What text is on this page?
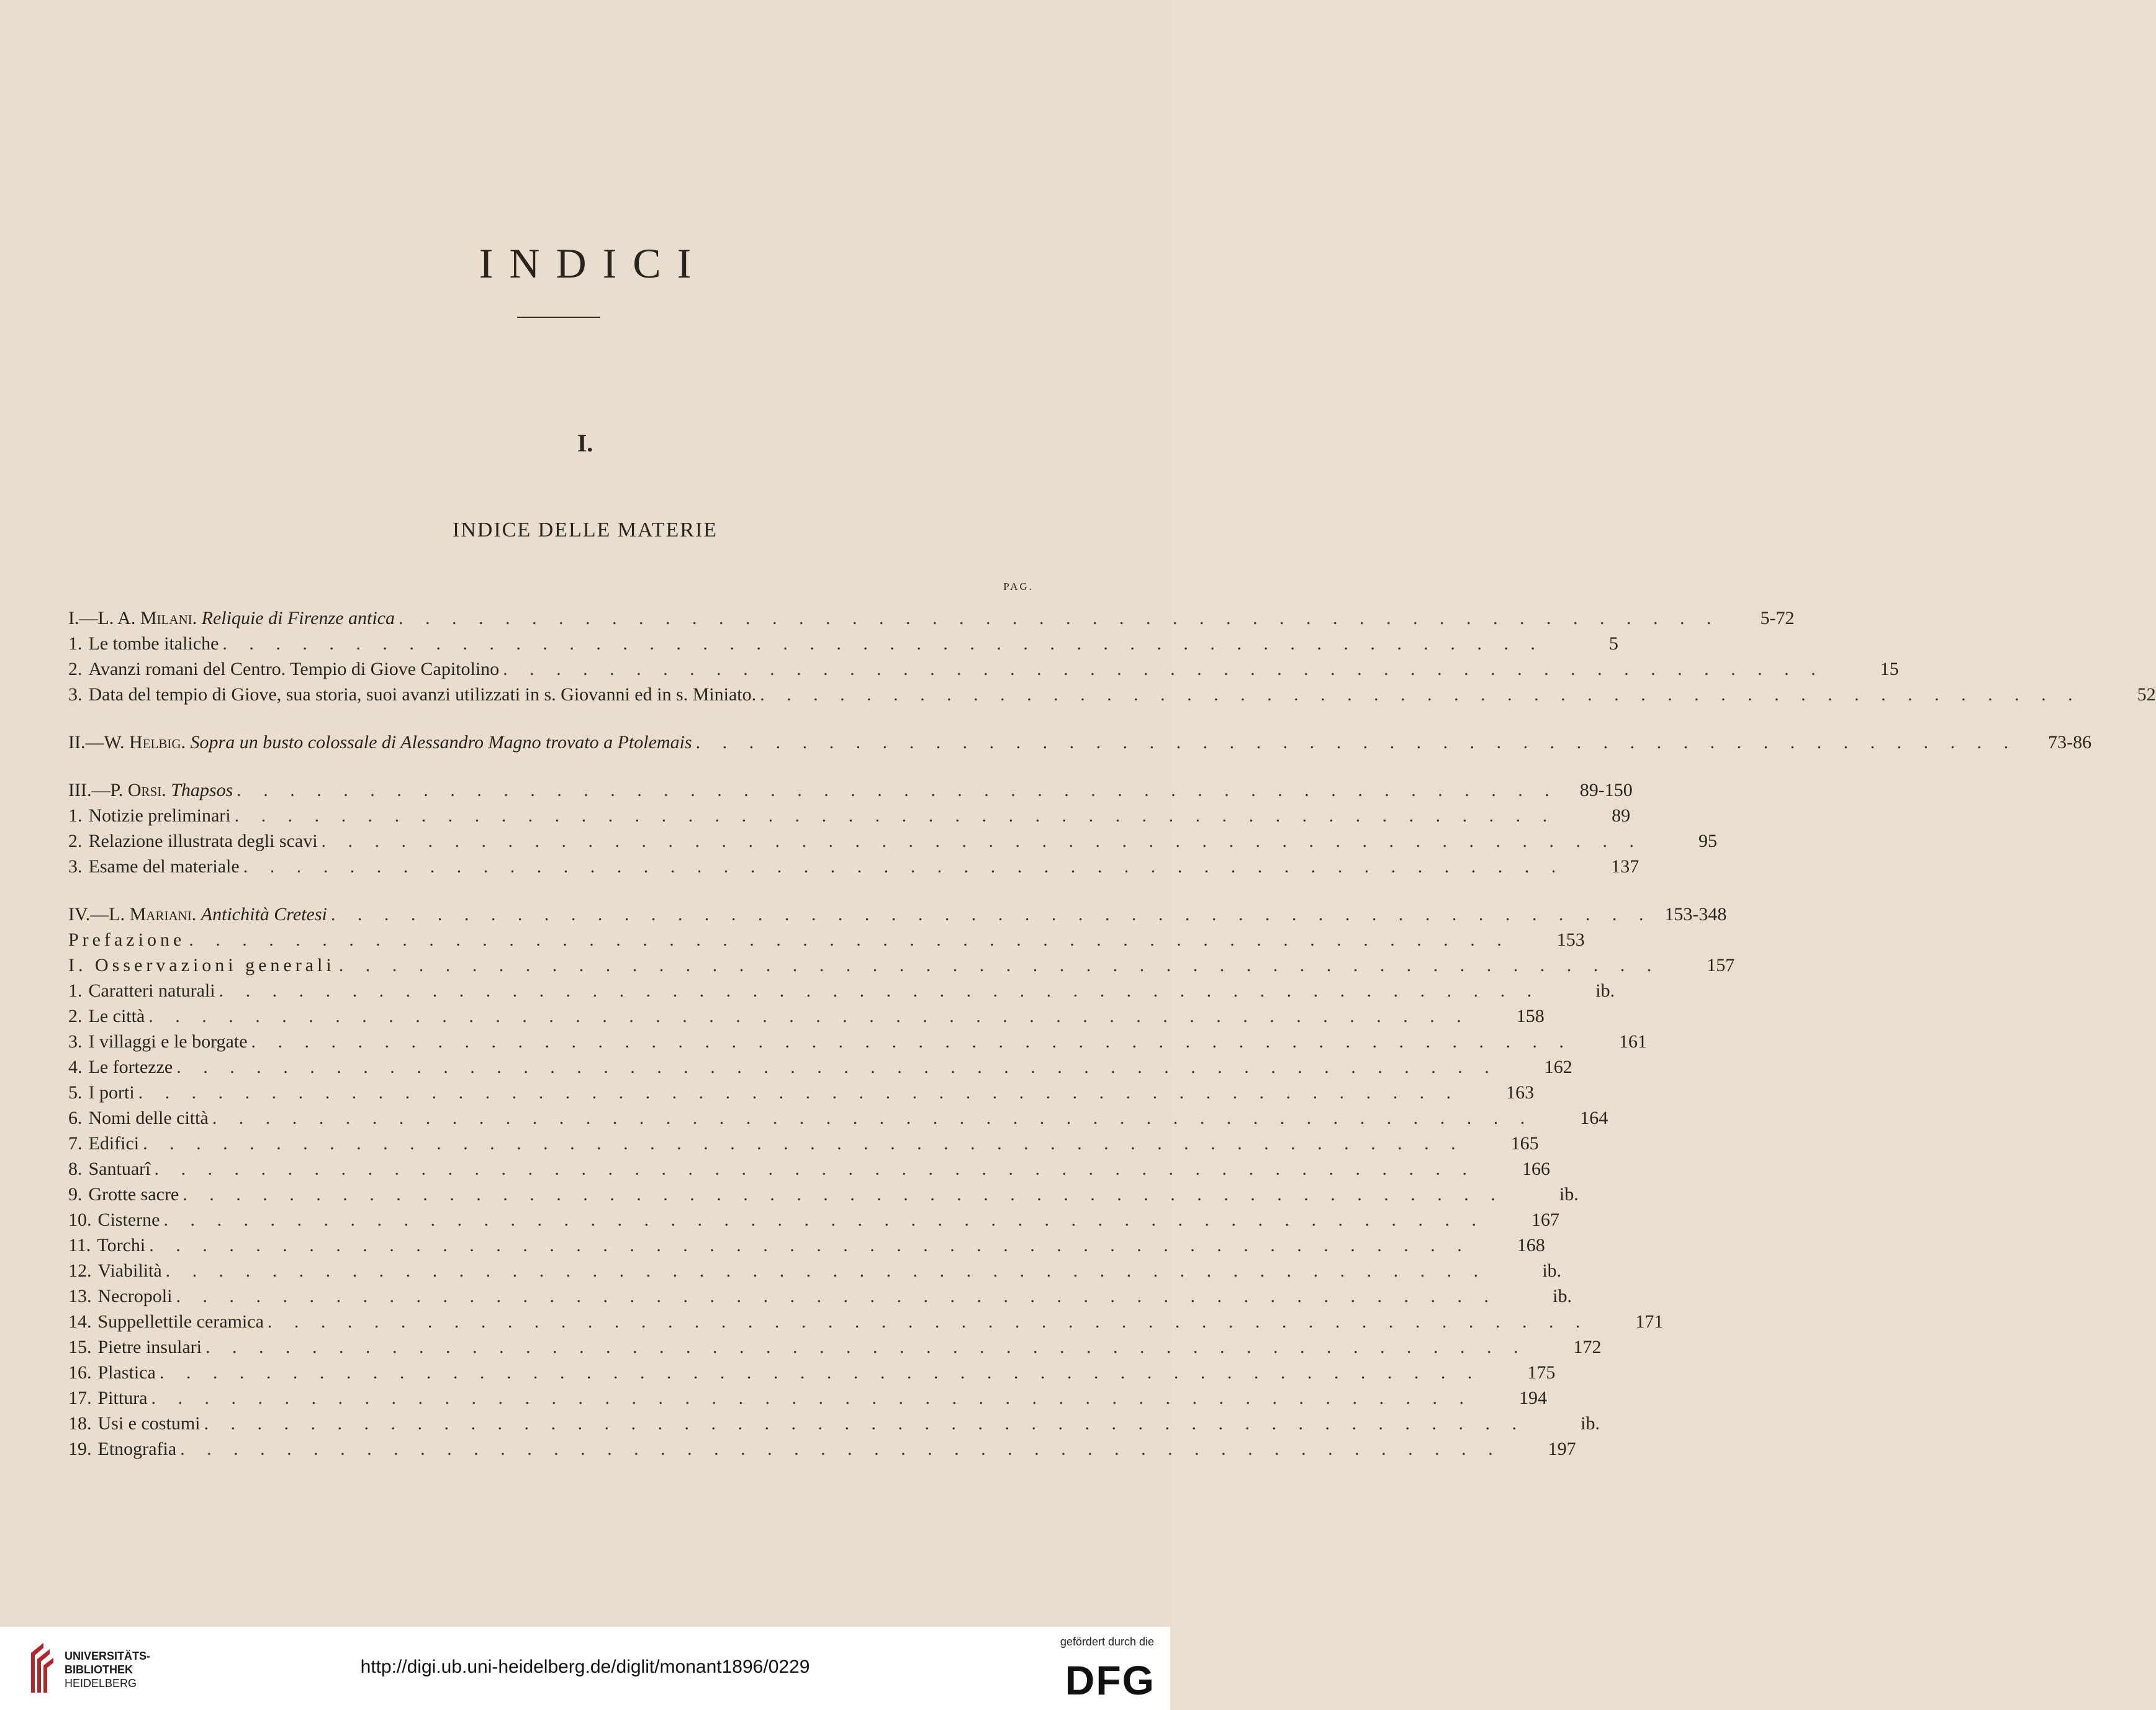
INDICI
I.
INDICE DELLE MATERIE
PAG.
I. — L. A. Milani.
Reliquie di Firenze antica . . . . . . . . . . . . . . . . . . . . . . . . . . . . . . . . . . . . . . . . . . . . . . . . . .	5-72
1. Le tombe italiche . . . . . . . . . . . . . . . . . . . . . . . . . . . . . . . . . . . . . . . . . . . . . . . . . .	5
2. Avanzi romani del Centro. Tempio di Giove Capitolino . . . . . . . . . . . . . . . . . . . . . . . . . . . . . . . . . . . . . . . . . . . . . . . . . .	15
3. Data del tempio di Giove, sua storia, suoi avanzi utilizzati in s. Giovanni ed in s. Miniato. . . . . . . . . . . . . . . . . . . . . . . . . . . . . . . . . . . . . . . . . . . . . . . . . . .	52
II. — W. Helbig.
Sopra un busto colossale di Alessandro Magno trovato a Ptolemais . . . . . . . . . . . . . . . . . . . . . . . . . . . . . . . . . . . . . . . . . . . . . . . . . .	73-86
III. — P. Orsi.
Thapsos . . . . . . . . . . . . . . . . . . . . . . . . . . . . . . . . . . . . . . . . . . . . . . . . . .	89-150
1. Notizie preliminari . . . . . . . . . . . . . . . . . . . . . . . . . . . . . . . . . . . . . . . . . . . . . . . . . .	89
2. Relazione illustrata degli scavi . . . . . . . . . . . . . . . . . . . . . . . . . . . . . . . . . . . . . . . . . . . . . . . . . .	95
3. Esame del materiale . . . . . . . . . . . . . . . . . . . . . . . . . . . . . . . . . . . . . . . . . . . . . . . . . .	137
IV. — L. Mariani.
Antichità Cretesi . . . . . . . . . . . . . . . . . . . . . . . . . . . . . . . . . . . . . . . . . . . . . . . . . . 153-348
Prefazione . . . . . . . . . . . . . . . . . . . . . . . . . . . . . . . . . . . . . . . . . . . . . . . . . .	153
I. Osservazioni generali . . . . . . . . . . . . . . . . . . . . . . . . . . . . . . . . . . . . . . . . . . . . . . . . . .	157
1. Caratteri naturali . . . . . . . . . . . . . . . . . . . . . . . . . . . . . . . . . . . . . . . . . . . . . . . . . .	ib.
2. Le città . . . . . . . . . . . . . . . . . . . . . . . . . . . . . . . . . . . . . . . . . . . . . . . . . .	158
3. I villaggi e le borgate . . . . . . . . . . . . . . . . . . . . . . . . . . . . . . . . . . . . . . . . . . . . . . . . . .	161
4. Le fortezze . . . . . . . . . . . . . . . . . . . . . . . . . . . . . . . . . . . . . . . . . . . . . . . . . .	162
5. I porti . . . . . . . . . . . . . . . . . . . . . . . . . . . . . . . . . . . . . . . . . . . . . . . . . .	163
6. Nomi delle città . . . . . . . . . . . . . . . . . . . . . . . . . . . . . . . . . . . . . . . . . . . . . . . . . .	164
7. Edifici . . . . . . . . . . . . . . . . . . . . . . . . . . . . . . . . . . . . . . . . . . . . . . . . . .	165
8. Santuarî . . . . . . . . . . . . . . . . . . . . . . . . . . . . . . . . . . . . . . . . . . . . . . . . . .	166
9. Grotte sacre . . . . . . . . . . . . . . . . . . . . . . . . . . . . . . . . . . . . . . . . . . . . . . . . . .	ib.
10. Cisterne . . . . . . . . . . . . . . . . . . . . . . . . . . . . . . . . . . . . . . . . . . . . . . . . . .	167
11. Torchi . . . . . . . . . . . . . . . . . . . . . . . . . . . . . . . . . . . . . . . . . . . . . . . . . .	168
12. Viabilità . . . . . . . . . . . . . . . . . . . . . . . . . . . . . . . . . . . . . . . . . . . . . . . . . .	ib.
13. Necropoli . . . . . . . . . . . . . . . . . . . . . . . . . . . . . . . . . . . . . . . . . . . . . . . . . .	ib.
14. Suppellettile ceramica . . . . . . . . . . . . . . . . . . . . . . . . . . . . . . . . . . . . . . . . . . . . . . . . . .	171
15. Pietre insulari . . . . . . . . . . . . . . . . . . . . . . . . . . . . . . . . . . . . . . . . . . . . . . . . . .	172
16. Plastica . . . . . . . . . . . . . . . . . . . . . . . . . . . . . . . . . . . . . . . . . . . . . . . . . .	175
17. Pittura . . . . . . . . . . . . . . . . . . . . . . . . . . . . . . . . . . . . . . . . . . . . . . . . . .	194
18. Usi e costumi . . . . . . . . . . . . . . . . . . . . . . . . . . . . . . . . . . . . . . . . . . . . . . . . . .	ib.
19. Etnografia . . . . . . . . . . . . . . . . . . . . . . . . . . . . . . . . . . . . . . . . . . . . . . . . . .	197
UNIVERSITÄTS-
BIBLIOTHEK
HEIDELBERG
http://digi.ub.uni-heidelberg.de/diglit/monant1896/0229
gefördert durch die
DFG
